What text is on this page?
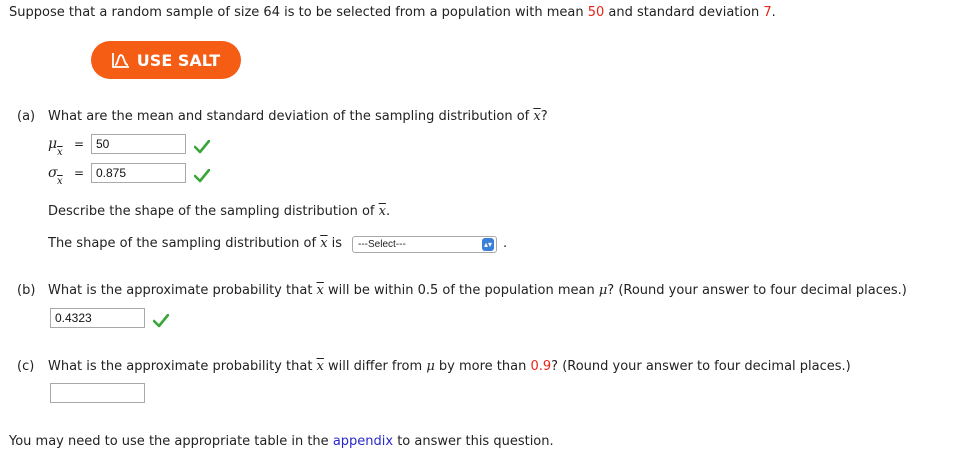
Suppose that a random sample of size 64 is to be selected from a population with mean 50 and standard deviation 7.
USE SALT
(a) What are the mean and standard deviation of the sampling distribution of $\overline{x}$?
μ
$\overline{x}$
= 50
σ
$\overline{x}$
= 0.875
Describe the shape of the sampling distribution of $\overline{x}$.
The shape of the sampling distribution of $\overline{x}$ is	---Select---	▴▾ .
(b) What is the approximate probability that $\overline{x}$ will be within 0.5 of the population mean μ? (Round your answer to four decimal places.)
0.4323
(c) What is the approximate probability that $\overline{x}$ will differ from μ by more than 0.9? (Round your answer to four decimal places.)
You may need to use the appropriate table in the appendix to answer this question.
